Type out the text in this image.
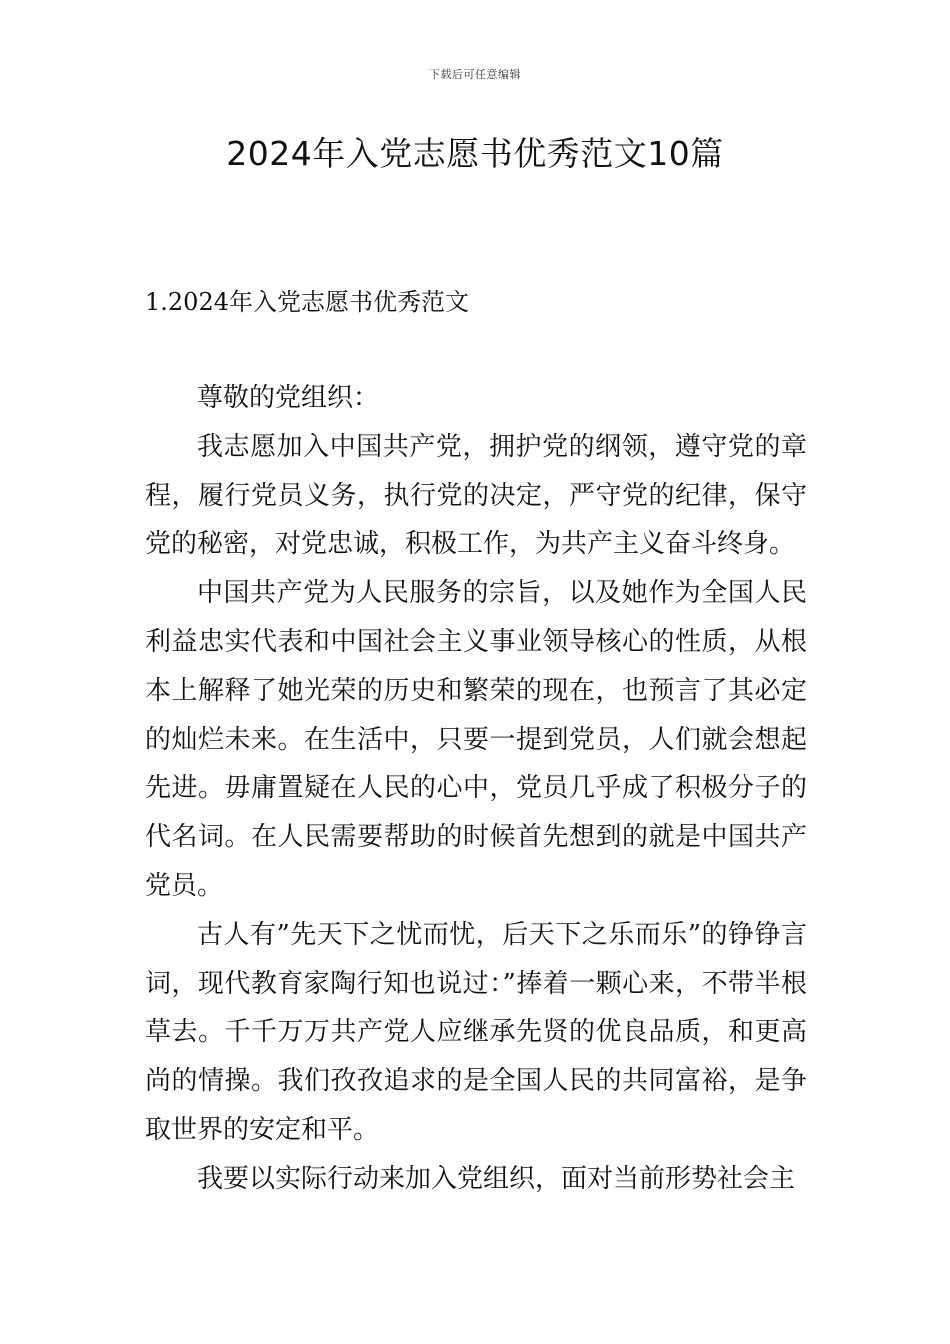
下载后可任意编辑
2024年入党志愿书优秀范文10篇
1.2024年入党志愿书优秀范文

尊敬的党组织：

我志愿加入中国共产党，拥护党的纲领，遵守党的章程，履行党员义务，执行党的决定，严守党的纪律，保守党的秘密，对党忠诚，积极工作，为共产主义奋斗终身。

中国共产党为人民服务的宗旨，以及她作为全国人民利益忠实代表和中国社会主义事业领导核心的性质，从根本上解释了她光荣的历史和繁荣的现在，也预言了其必定的灿烂未来。在生活中，只要一提到党员，人们就会想起先进。毋庸置疑在人民的心中，党员几乎成了积极分子的代名词。在人民需要帮助的时候首先想到的就是中国共产党员。

古人有”先天下之忧而忧，后天下之乐而乐”的铮铮言词，现代教育家陶行知也说过：”捧着一颗心来，不带半根草去。千千万万共产党人应继承先贤的优良品质，和更高尚的情操。我们孜孜追求的是全国人民的共同富裕，是争取世界的安定和平。

我要以实际行动来加入党组织，面对当前形势社会主
